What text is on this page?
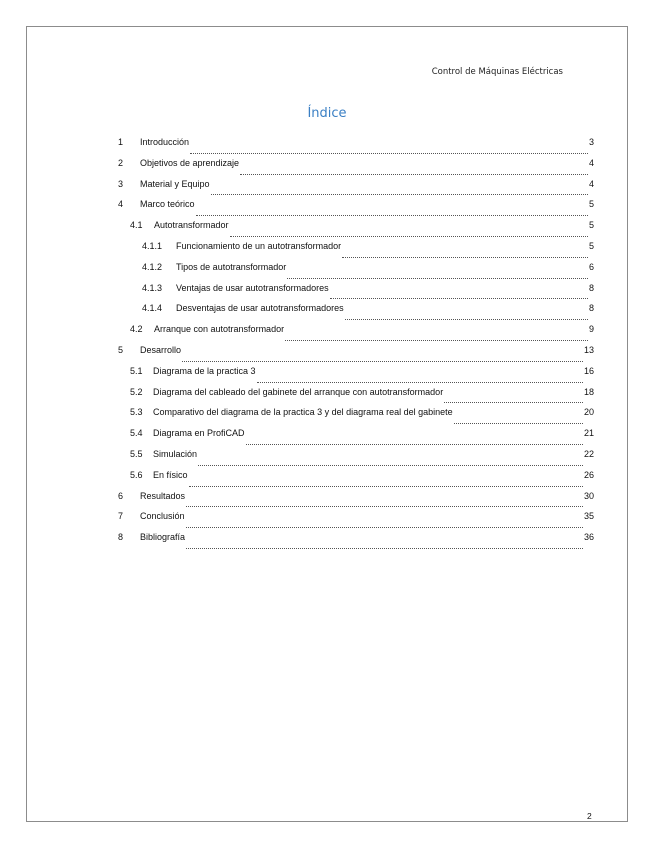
Control de Máquinas Eléctricas
Índice
1	Introducción	3
2	Objetivos de aprendizaje	4
3	Material y Equipo	4
4	Marco teórico	5
4.1	Autotransformador	5
4.1.1	Funcionamiento de un autotransformador	5
4.1.2	Tipos de autotransformador	6
4.1.3	Ventajas de usar autotransformadores	8
4.1.4	Desventajas de usar autotransformadores	8
4.2	Arranque con autotransformador	9
5	Desarrollo	13
5.1	Diagrama de la practica 3	16
5.2	Diagrama del cableado del gabinete del arranque con autotransformador	18
5.3	Comparativo del diagrama de la practica 3 y del diagrama real del gabinete	20
5.4	Diagrama en ProfiCAD	21
5.5	Simulación	22
5.6	En físico	26
6	Resultados	30
7	Conclusión	35
8	Bibliografía	36
2
